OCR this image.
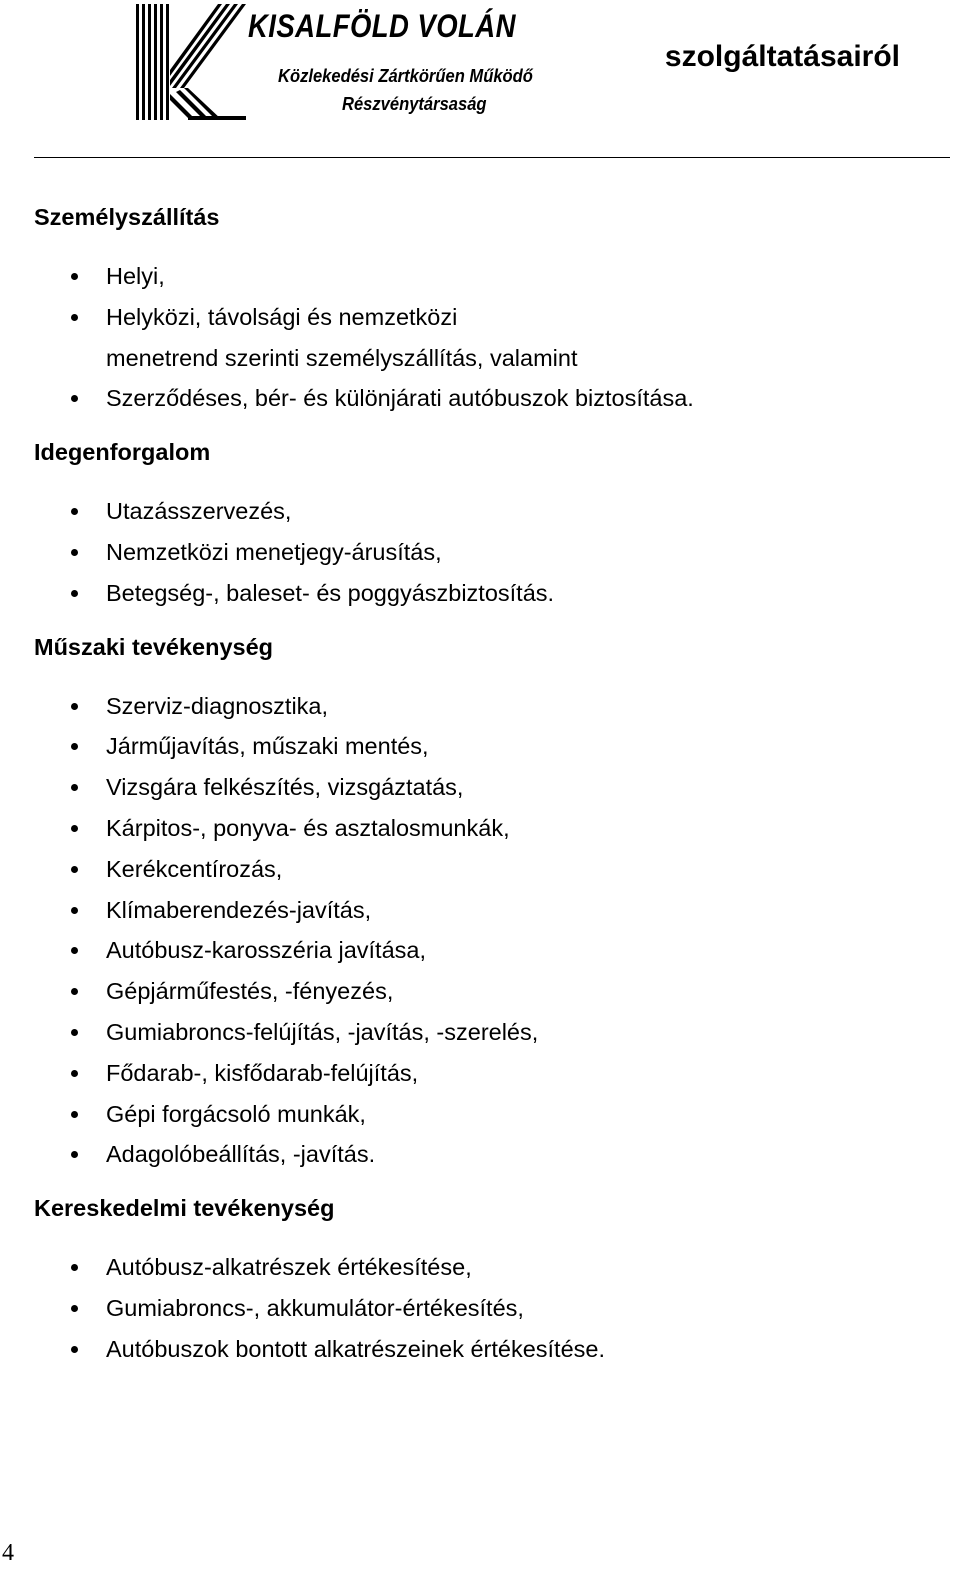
KISALFÖLD VOLÁN
Közlekedési Zártkörűen Működő
Részvénytársaság
szolgáltatásairól
Személyszállítás
Helyi,
Helyközi, távolsági és nemzetközi
menetrend szerinti személyszállítás, valamint
Szerződéses, bér- és különjárati autóbuszok biztosítása.
Idegenforgalom
Utazásszervezés,
Nemzetközi menetjegy-árusítás,
Betegség-, baleset- és poggyászbiztosítás.
Műszaki tevékenység
Szerviz-diagnosztika,
Járműjavítás, műszaki mentés,
Vizsgára felkészítés, vizsgáztatás,
Kárpitos-, ponyva- és asztalosmunkák,
Kerékcentírozás,
Klímaberendezés-javítás,
Autóbusz-karosszéria javítása,
Gépjárműfestés, -fényezés,
Gumiabroncs-felújítás, -javítás, -szerelés,
Fődarab-, kisfődarab-felújítás,
Gépi forgácsoló munkák,
Adagolóbeállítás, -javítás.
Kereskedelmi tevékenység
Autóbusz-alkatrészek értékesítése,
Gumiabroncs-, akkumulátor-értékesítés,
Autóbuszok bontott alkatrészeinek értékesítése.
4
